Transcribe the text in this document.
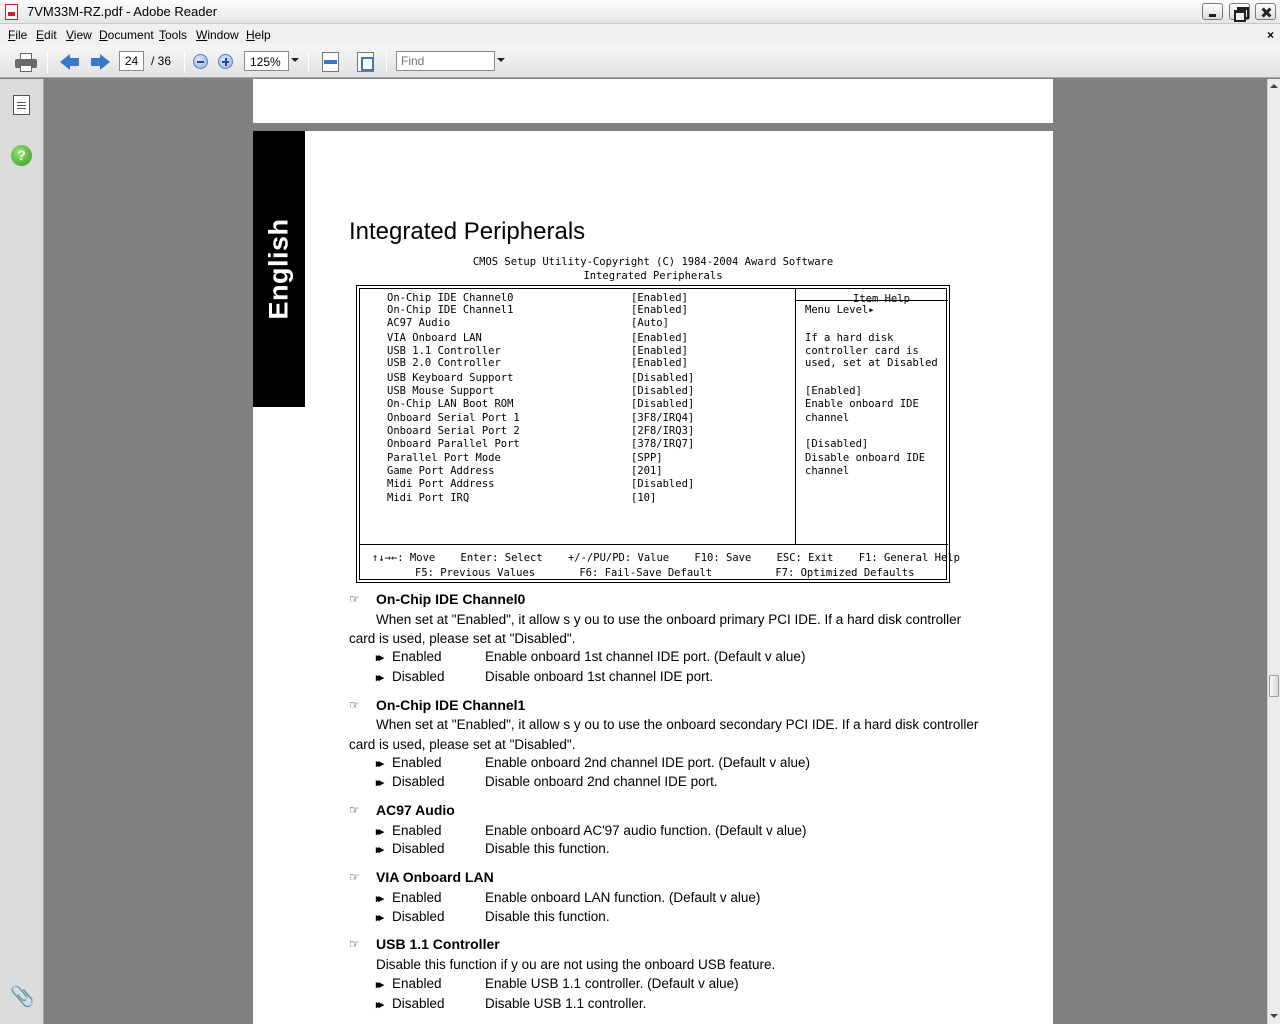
7VM33M-RZ.pdf - Adobe Reader
File Edit View Document Tools Window Help	×
24
/ 36	125%
Find
?
📎
English Integrated Peripherals
CMOS Setup Utility-Copyright (C) 1984-2004 Award Software
Integrated Peripherals
On-Chip IDE Channel0	[Enabled]
On-Chip IDE Channel1	[Enabled]
AC97 Audio	[Auto]
VIA Onboard LAN	[Enabled]
USB 1.1 Controller	[Enabled]
USB 2.0 Controller	[Enabled]
USB Keyboard Support	[Disabled]
USB Mouse Support	[Disabled]
On-Chip LAN Boot ROM	[Disabled]
Onboard Serial Port 1	[3F8/IRQ4]
Onboard Serial Port 2	[2F8/IRQ3]
Onboard Parallel Port	[378/IRQ7]
Parallel Port Mode	[SPP]
Game Port Address	[201]
Midi Port Address	[Disabled]
Midi Port IRQ	[10]
Item Help
Menu Level▸
If a hard disk
controller card is
used, set at Disabled
[Enabled]
Enable onboard IDE
channel
[Disabled]
Disable onboard IDE
channel
↑↓→←: Move    Enter: Select    +/-/PU/PD: Value    F10: Save    ESC: Exit    F1: General Help
F5: Previous Values       F6: Fail-Save Default          F7: Optimized Defaults
☞ On-Chip IDE Channel0
When set at "Enabled", it allow s y ou to use the onboard primary PCI IDE. If a hard disk controller
card is used, please set at "Disabled".
▸▸ Enabled	Enable onboard 1st channel IDE port. (Default v alue)
▸▸ Disabled	Disable onboard 1st channel IDE port.
☞ On-Chip IDE Channel1
When set at "Enabled", it allow s y ou to use the onboard secondary PCI IDE. If a hard disk controller
card is used, please set at "Disabled".
▸▸ Enabled	Enable onboard 2nd channel IDE port. (Default v alue)
▸▸ Disabled	Disable onboard 2nd channel IDE port.
☞ AC97 Audio
▸▸ Enabled	Enable onboard AC'97 audio function. (Default v alue)
▸▸ Disabled	Disable this function.
☞ VIA Onboard LAN
▸▸ Enabled	Enable onboard LAN function. (Default v alue)
▸▸ Disabled	Disable this function.
☞ USB 1.1 Controller
Disable this function if y ou are not using the onboard USB feature.
▸▸ Enabled	Enable USB 1.1 controller. (Default v alue)
▸▸ Disabled	Disable USB 1.1 controller.
